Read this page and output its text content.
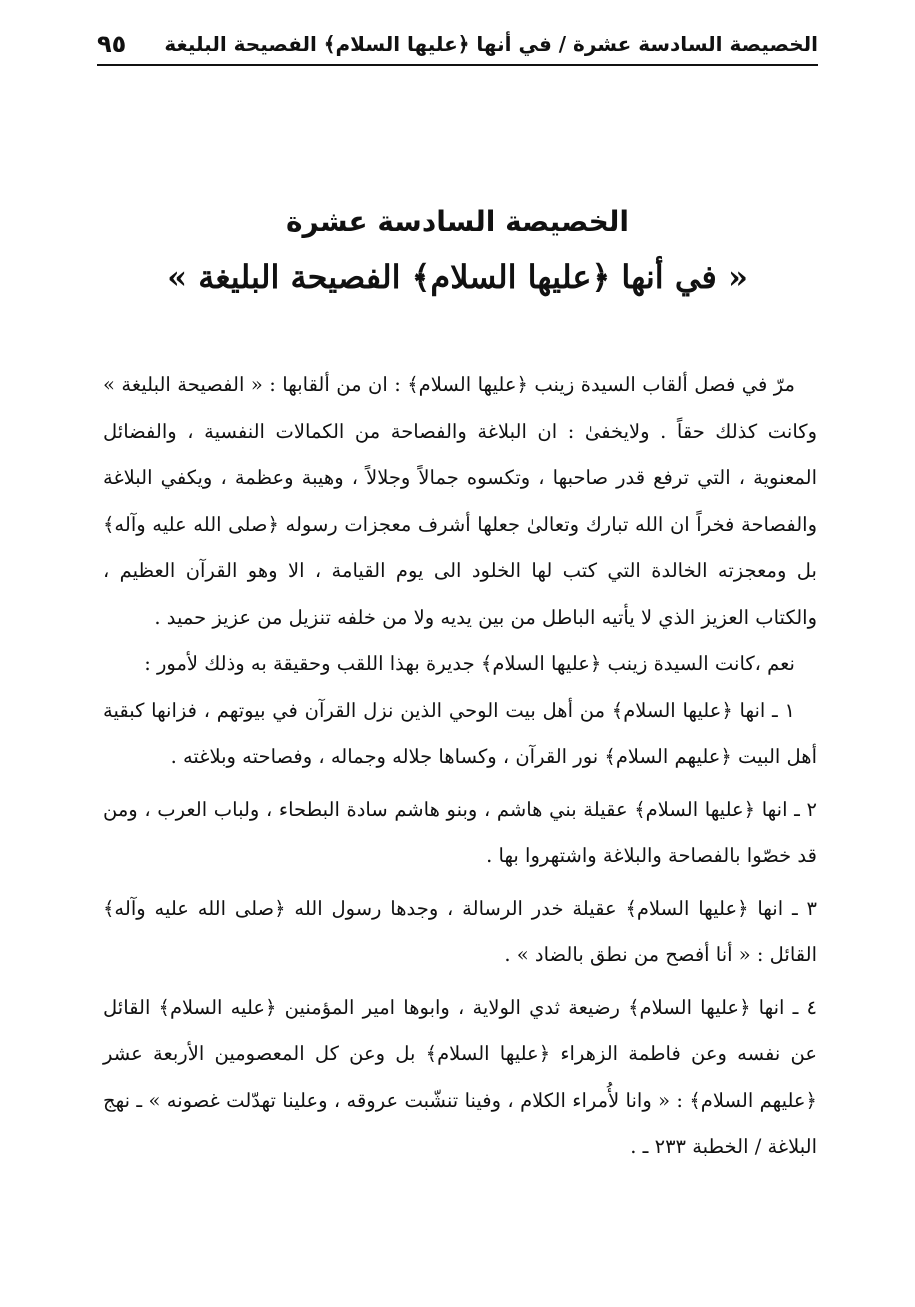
الخصيصة السادسة عشرة / في أنها ﴿عليها السلام﴾ الفصيحة البليغة
٩٥
الخصيصة السادسة عشرة
« في أنها ﴿عليها السلام﴾ الفصيحة البليغة »

مرّ في فصل ألقاب السيدة زينب ﴿عليها السلام﴾ : ان من ألقابها : « الفصيحة البليغة » وكانت كذلك حقاً . ولايخفىٰ : ان البلاغة والفصاحة من الكمالات النفسية ، والفضائل المعنوية ، التي ترفع قدر صاحبها ، وتكسوه جمالاً وجلالاً ، وهيبة وعظمة ، ويكفي البلاغة والفصاحة فخراً ان الله تبارك وتعالىٰ جعلها أشرف معجزات رسوله ﴿صلى الله عليه وآله﴾ بل ومعجزته الخالدة التي كتب لها الخلود الى يوم القيامة ، الا وهو القرآن العظيم ، والكتاب العزيز الذي لا يأتيه الباطل من بين يديه ولا من خلفه تنزيل من عزيز حميد .

نعم ،كانت السيدة زينب ﴿عليها السلام﴾ جديرة بهذا اللقب وحقيقة به وذلك لأمور :

١ ـ انها ﴿عليها السلام﴾ من أهل بيت الوحي الذين نزل القرآن في بيوتهم ، فزانها كبقية أهل البيت ﴿عليهم السلام﴾ نور القرآن ، وكساها جلاله وجماله ، وفصاحته وبلاغته .

٢ ـ انها ﴿عليها السلام﴾ عقيلة بني هاشم ، وبنو هاشم سادة البطحاء ، ولباب العرب ، ومن قد خصّوا بالفصاحة والبلاغة واشتهروا بها .

٣ ـ انها ﴿عليها السلام﴾ عقيلة خدر الرسالة ، وجدها رسول الله ﴿صلى الله عليه وآله﴾ القائل : « أنا أفصح من نطق بالضاد » .

٤ ـ انها ﴿عليها السلام﴾ رضيعة ثدي الولاية ، وابوها امير المؤمنين ﴿عليه السلام﴾ القائل عن نفسه وعن فاطمة الزهراء ﴿عليها السلام﴾ بل وعن كل المعصومين الأربعة عشر ﴿عليهم السلام﴾ : « وانا لأُمراء الكلام ، وفينا تنشّبت عروقه ، وعلينا تهدّلت غصونه » ـ نهج البلاغة / الخطبة ٢٣٣ ـ .
